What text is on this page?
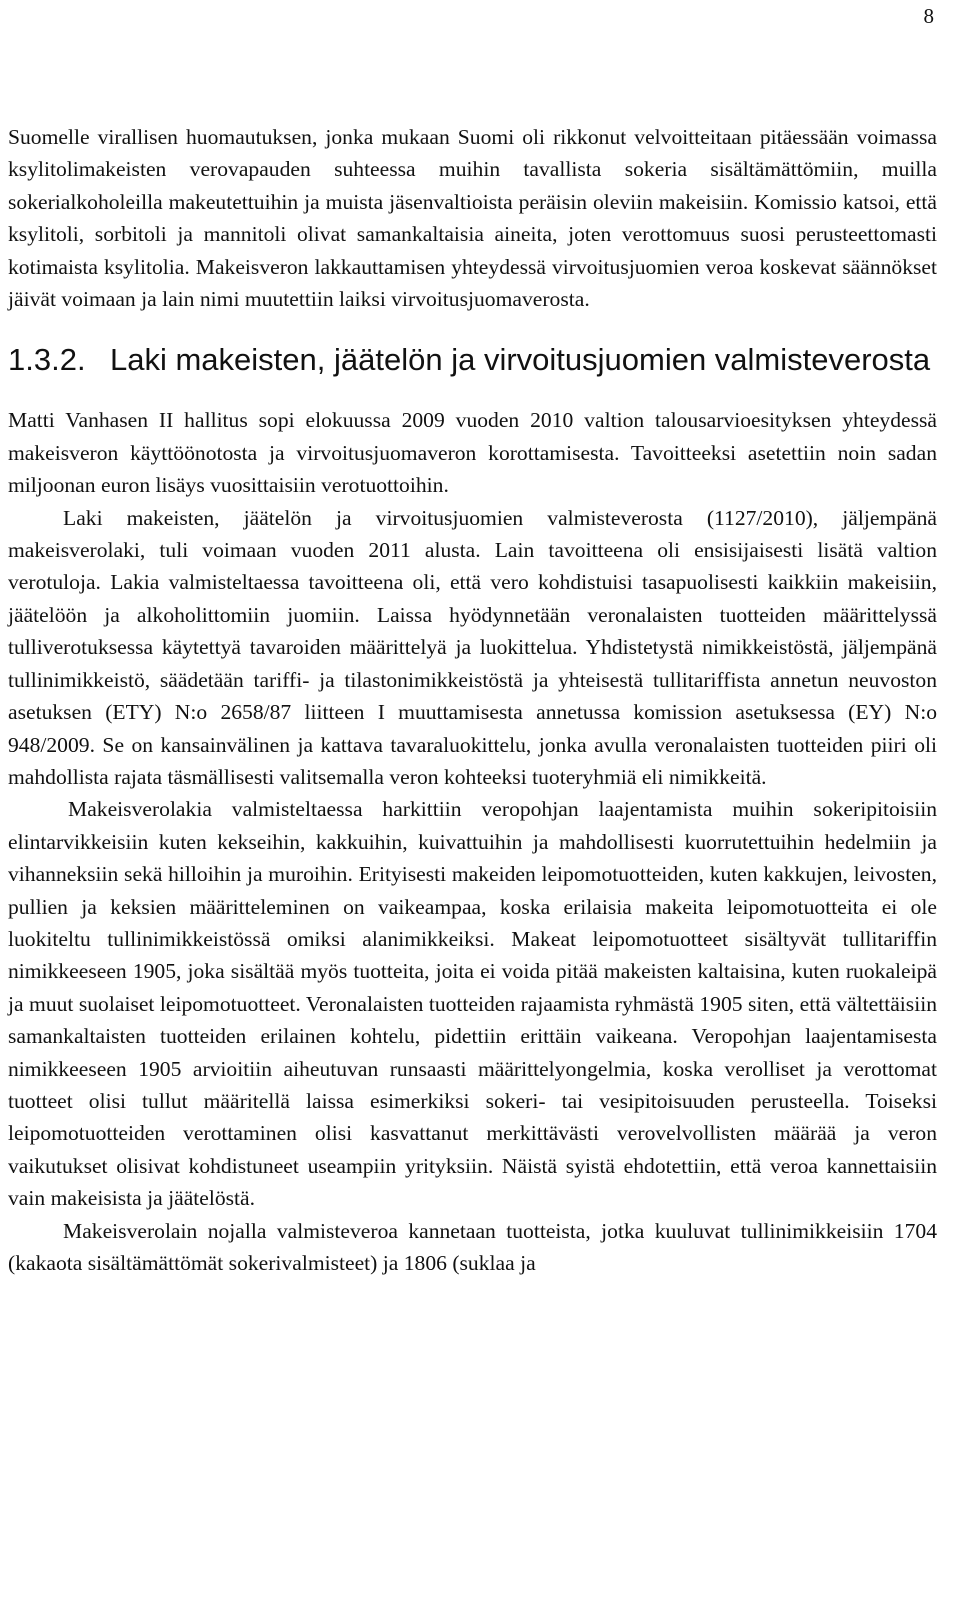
8

Suomelle virallisen huomautuksen, jonka mukaan Suomi oli rikkonut velvoitteitaan pitäessään voimassa ksylitolimakeisten verovapauden suhteessa muihin tavallista sokeria sisältämättömiin, muilla sokerialkoholeilla makeutettuihin ja muista jäsenvaltioista peräisin oleviin makeisiin. Komissio katsoi, että ksylitoli, sorbitoli ja mannitoli olivat samankaltaisia aineita, joten verottomuus suosi perusteettomasti kotimaista ksylitolia. Makeisveron lakkauttamisen yhteydessä virvoitusjuomien veroa koskevat säännökset jäivät voimaan ja lain nimi muutettiin laiksi virvoitusjuomaverosta.

1.3.2. Laki makeisten, jäätelön ja virvoitusjuomien valmisteverosta

Matti Vanhasen II hallitus sopi elokuussa 2009 vuoden 2010 valtion talousarvioesityksen yhteydessä makeisveron käyttöönotosta ja virvoitusjuomaveron korottamisesta. Tavoitteeksi asetettiin noin sadan miljoonan euron lisäys vuosittaisiin verotuottoihin.

Laki makeisten, jäätelön ja virvoitusjuomien valmisteverosta (1127/2010), jäljempänä makeisverolaki, tuli voimaan vuoden 2011 alusta. Lain tavoitteena oli ensisijaisesti lisätä valtion verotuloja. Lakia valmisteltaessa tavoitteena oli, että vero kohdistuisi tasapuolisesti kaikkiin makeisiin, jäätelöön ja alkoholittomiin juomiin. Laissa hyödynnetään veronalaisten tuotteiden määrittelyssä tulliverotuksessa käytettyä tavaroiden määrittelyä ja luokittelua. Yhdistetystä nimikkeistöstä, jäljempänä tullinimikkeistö, säädetään tariffi- ja tilastonimikkeistöstä ja yhteisestä tullitariffista annetun neuvoston asetuksen (ETY) N:o 2658/87 liitteen I muuttamisesta annetussa komission asetuksessa (EY) N:o 948/2009. Se on kansainvälinen ja kattava tavaraluokittelu, jonka avulla veronalaisten tuotteiden piiri oli mahdollista rajata täsmällisesti valitsemalla veron kohteeksi tuoteryhmiä eli nimikkeitä.

Makeisverolakia valmisteltaessa harkittiin veropohjan laajentamista muihin sokeripitoisiin elintarvikkeisiin kuten kekseihin, kakkuihin, kuivattuihin ja mahdollisesti kuorrutettuihin hedelmiin ja vihanneksiin sekä hilloihin ja muroihin. Erityisesti makeiden leipomotuotteiden, kuten kakkujen, leivosten, pullien ja keksien määritteleminen on vaikeampaa, koska erilaisia makeita leipomotuotteita ei ole luokiteltu tullinimikkeistössä omiksi alanimikkeiksi. Makeat leipomotuotteet sisältyvät tullitariffin nimikkeeseen 1905, joka sisältää myös tuotteita, joita ei voida pitää makeisten kaltaisina, kuten ruokaleipä ja muut suolaiset leipomotuotteet. Veronalaisten tuotteiden rajaamista ryhmästä 1905 siten, että vältettäisiin samankaltaisten tuotteiden erilainen kohtelu, pidettiin erittäin vaikeana. Veropohjan laajentamisesta nimikkeeseen 1905 arvioitiin aiheutuvan runsaasti määrittelyongelmia, koska verolliset ja verottomat tuotteet olisi tullut määritellä laissa esimerkiksi sokeri- tai vesipitoisuuden perusteella. Toiseksi leipomotuotteiden verottaminen olisi kasvattanut merkittävästi verovelvollisten määrää ja veron vaikutukset olisivat kohdistuneet useampiin yrityksiin. Näistä syistä ehdotettiin, että veroa kannettaisiin vain makeisista ja jäätelöstä.

Makeisverolain nojalla valmisteveroa kannetaan tuotteista, jotka kuuluvat tullinimikkeisiin 1704 (kakaota sisältämättömät sokerivalmisteet) ja 1806 (suklaa ja
